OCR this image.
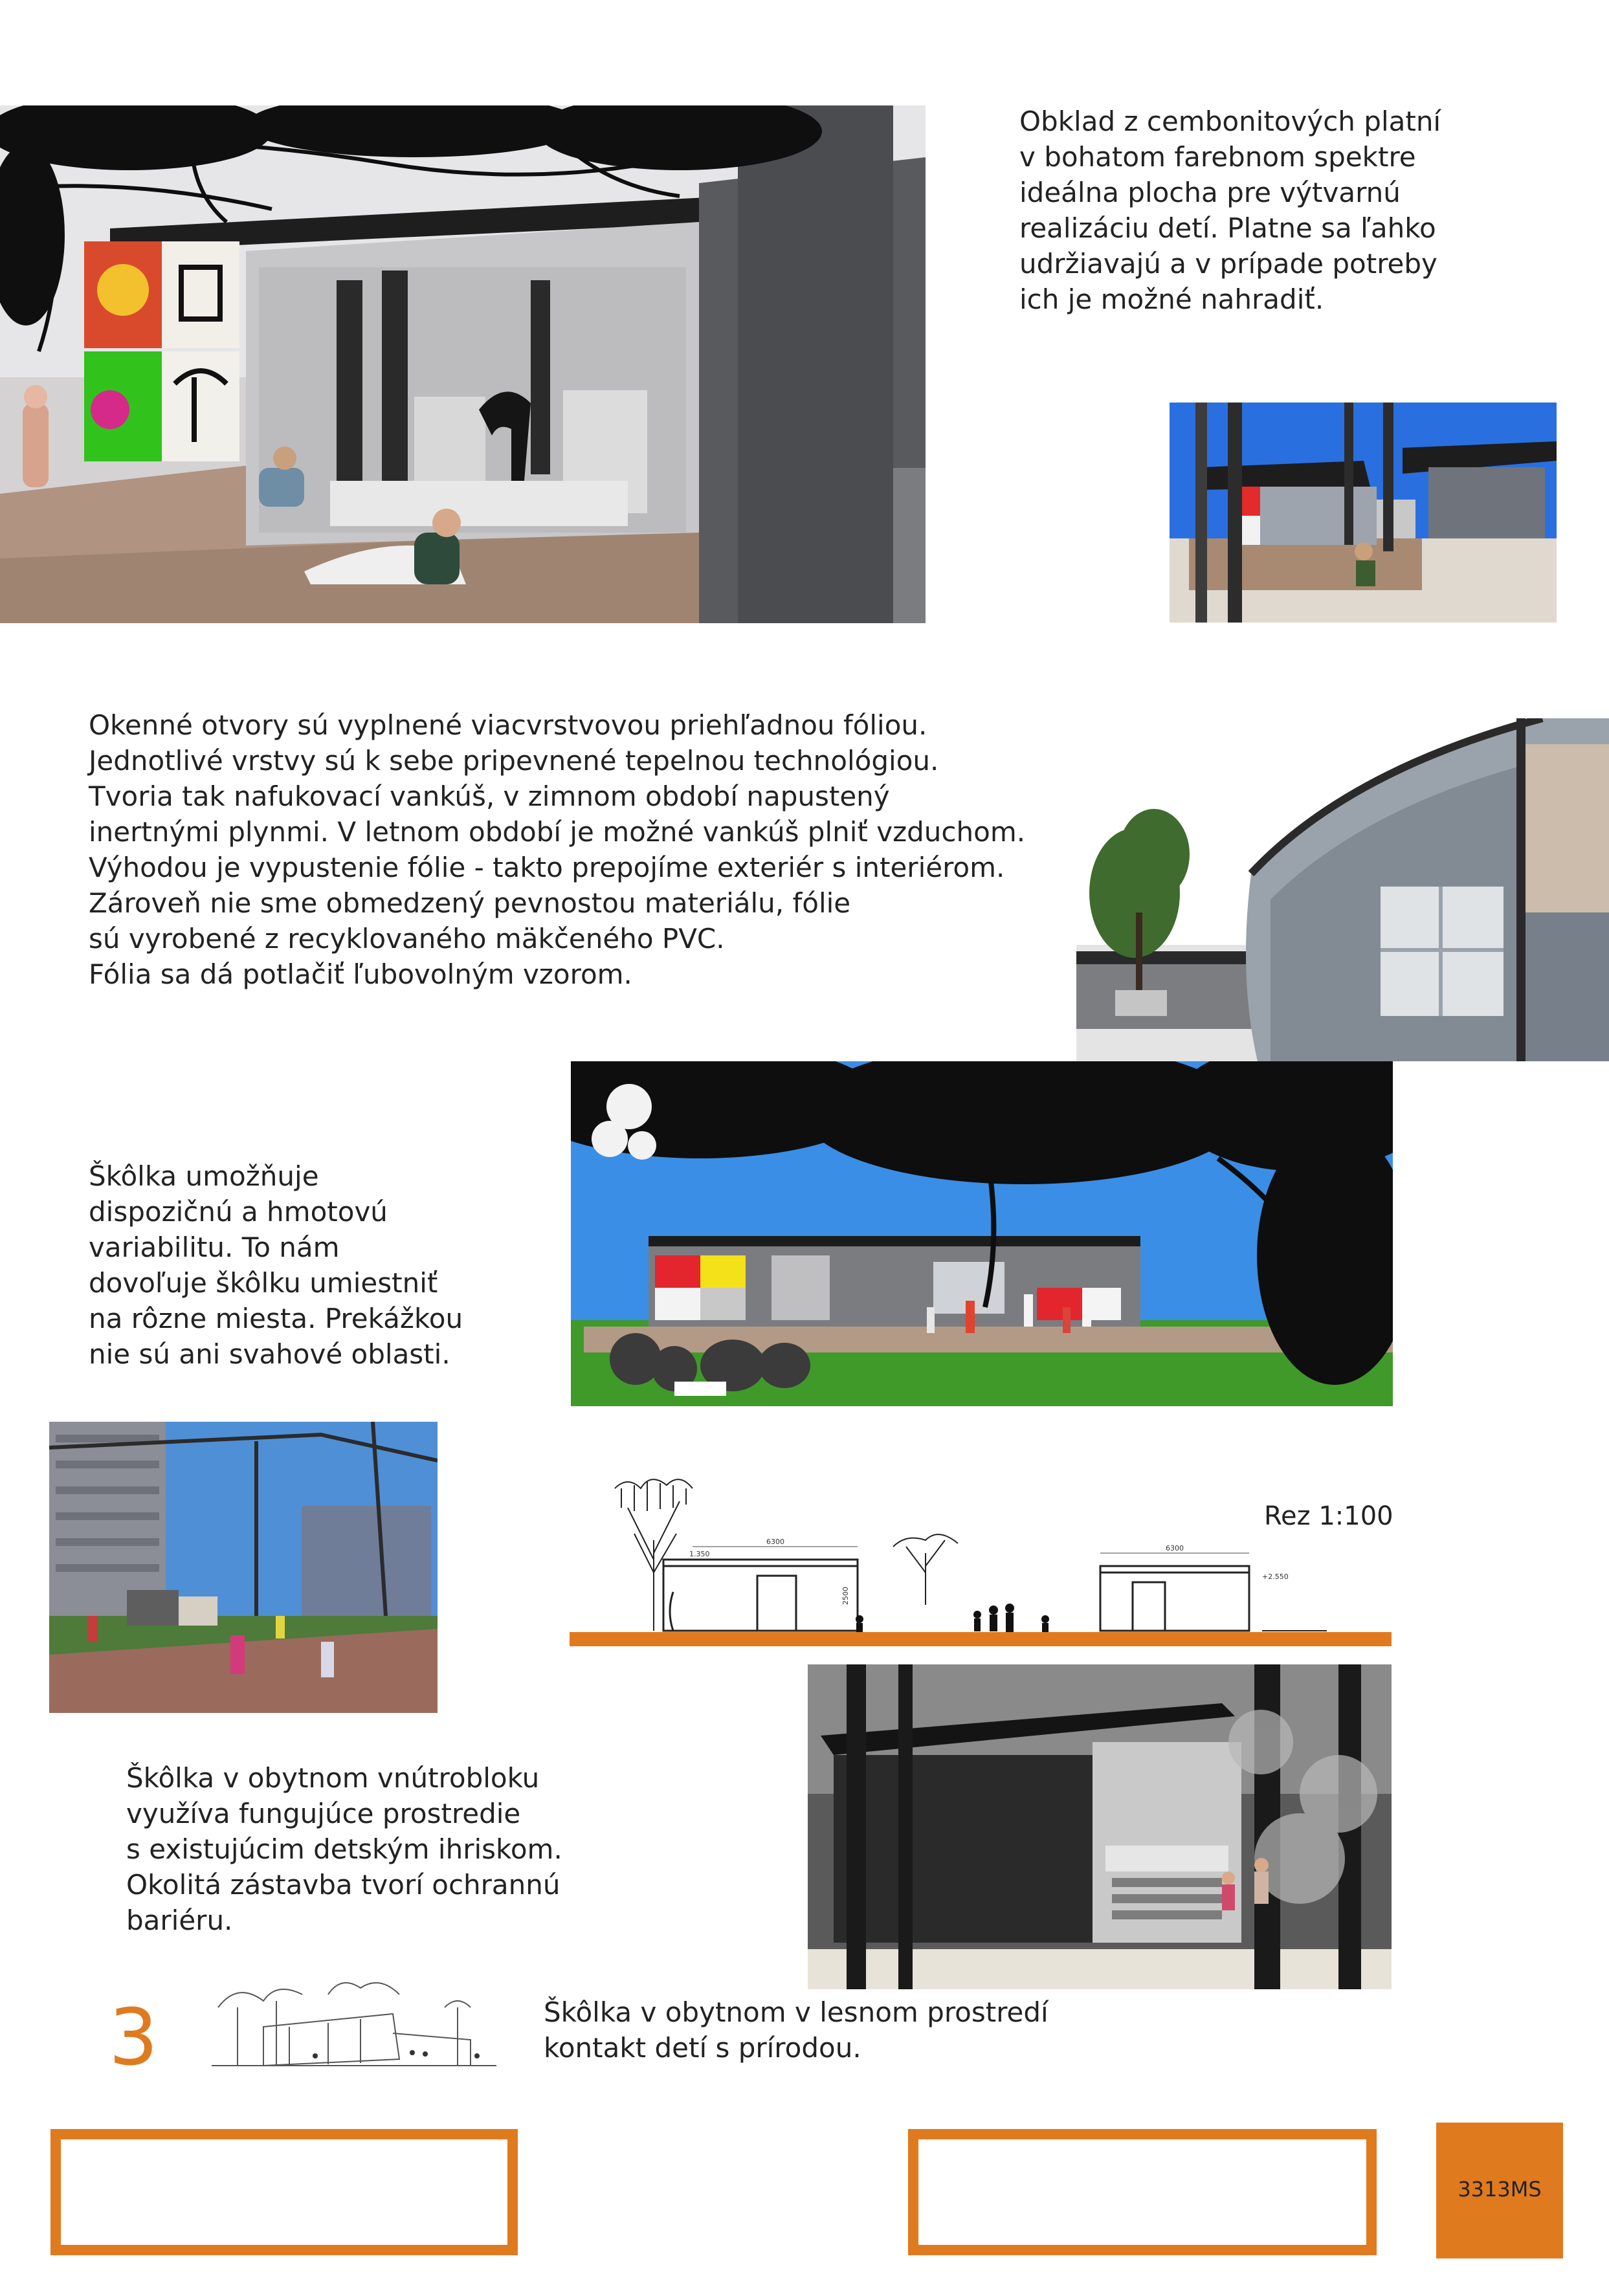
Obklad z cembonitových platní
v bohatom farebnom spektre
ideálna plocha pre výtvarnú
realizáciu detí. Platne sa ľahko
udržiavajú a v prípade potreby
ich je možné nahradiť.
Okenné otvory sú vyplnené viacvrstvovou priehľadnou fóliou.
Jednotlivé vrstvy sú k sebe pripevnené tepelnou technológiou.
Tvoria tak nafukovací vankúš, v zimnom období napustený
inertnými plynmi. V letnom období je možné vankúš plniť vzduchom.
Výhodou je vypustenie fólie - takto prepojíme exteriér s interiérom.
Zároveň nie sme obmedzený pevnostou materiálu, fólie
sú vyrobené z recyklovaného mäkčeného PVC.
Fólia sa dá potlačiť ľubovolným vzorom.
Škôlka umožňuje
dispozičnú a hmotovú
variabilitu. To nám
dovoľuje škôlku umiestniť
na rôzne miesta. Prekážkou
nie sú ani svahové oblasti.
6300
1.350
2500
6300
+2.550
Rez 1:100
Škôlka v obytnom vnútrobloku
využíva fungujúce prostredie
s existujúcim detským ihriskom.
Okolitá zástavba tvorí ochrannú
bariéru.
3	Škôlka v obytnom v lesnom prostredí
kontakt detí s prírodou.
3313MS
